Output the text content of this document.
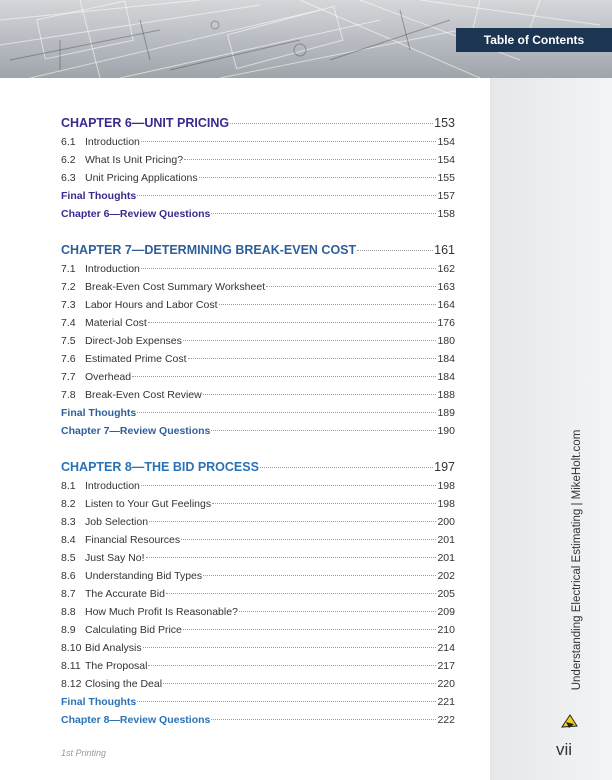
Table of Contents
Understanding Electrical Estimating | MikeHolt.com
vii
1st Printing
CHAPTER 6—UNIT PRICING	153
6.1 Introduction	154
6.2 What Is Unit Pricing?	154
6.3 Unit Pricing Applications	155
Final Thoughts	157
Chapter 6—Review Questions	158
CHAPTER 7—DETERMINING BREAK-EVEN COST	161
7.1 Introduction	162
7.2 Break-Even Cost Summary Worksheet	163
7.3 Labor Hours and Labor Cost	164
7.4 Material Cost	176
7.5 Direct-Job Expenses	180
7.6 Estimated Prime Cost	184
7.7 Overhead	184
7.8 Break-Even Cost Review	188
Final Thoughts	189
Chapter 7—Review Questions	190
CHAPTER 8—THE BID PROCESS	197
8.1 Introduction	198
8.2 Listen to Your Gut Feelings	198
8.3 Job Selection	200
8.4 Financial Resources	201
8.5 Just Say No!	201
8.6 Understanding Bid Types	202
8.7 The Accurate Bid	205
8.8 How Much Profit Is Reasonable?	209
8.9 Calculating Bid Price	210
8.10 Bid Analysis	214
8.11 The Proposal	217
8.12 Closing the Deal	220
Final Thoughts	221
Chapter 8—Review Questions	222
